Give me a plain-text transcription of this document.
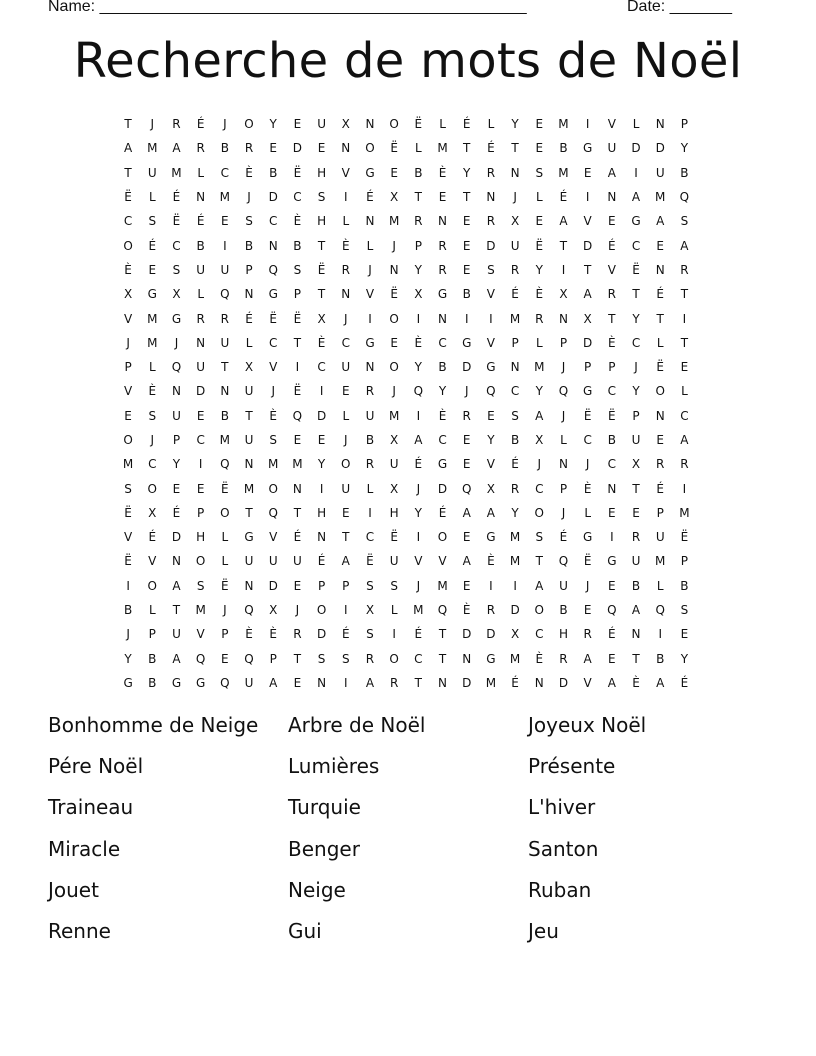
Name: ________________________________________________	Date: _______
Recherche de mots de Noël
T	J	R	É	J	O	Y	E	U	X	N	O	Ë	L	É	L	Y	E	M	I	V	L	N	P
A	M	A	R	B	R	E	D	E	N	O	Ë	L	M	T	É	T	E	B	G	U	D	D	Y
T	U	M	L	C	È	B	Ë	H	V	G	E	B	È	Y	R	N	S	M	E	A	I	U	B
Ë	L	É	N	M	J	D	C	S	I	É	X	T	E	T	N	J	L	É	I	N	A	M	Q
C	S	Ë	É	E	S	C	È	H	L	N	M	R	N	E	R	X	E	A	V	E	G	A	S
O	É	C	B	I	B	N	B	T	È	L	J	P	R	E	D	U	Ë	T	D	É	C	E	A
È	E	S	U	U	P	Q	S	Ë	R	J	N	Y	R	E	S	R	Y	I	T	V	Ë	N	R
X	G	X	L	Q	N	G	P	T	N	V	Ë	X	G	B	V	É	È	X	A	R	T	É	T
V	M	G	R	R	É	Ë	Ë	X	J	I	O	I	N	I	I	M	R	N	X	T	Y	T	I
J	M	J	N	U	L	C	T	È	C	G	E	È	C	G	V	P	L	P	D	È	C	L	T
P	L	Q	U	T	X	V	I	C	U	N	O	Y	B	D	G	N	M	J	P	P	J	Ë	E
V	È	N	D	N	U	J	Ë	I	E	R	J	Q	Y	J	Q	C	Y	Q	G	C	Y	O	L
E	S	U	E	B	T	È	Q	D	L	U	M	I	È	R	E	S	A	J	Ë	Ë	P	N	C
O	J	P	C	M	U	S	E	E	J	B	X	A	C	E	Y	B	X	L	C	B	U	E	A
M	C	Y	I	Q	N	M	M	Y	O	R	U	É	G	E	V	É	J	N	J	C	X	R	R
S	O	E	E	Ë	M	O	N	I	U	L	X	J	D	Q	X	R	C	P	È	N	T	É	I
Ë	X	É	P	O	T	Q	T	H	E	I	H	Y	É	A	A	Y	O	J	L	E	E	P	M
V	É	D	H	L	G	V	É	N	T	C	Ë	I	O	E	G	M	S	É	G	I	R	U	Ë
Ë	V	N	O	L	U	U	U	É	A	Ë	U	V	V	A	È	M	T	Q	Ë	G	U	M	P
I	O	A	S	Ë	N	D	E	P	P	S	S	J	M	E	I	I	A	U	J	E	B	L	B
B	L	T	M	J	Q	X	J	O	I	X	L	M	Q	È	R	D	O	B	E	Q	A	Q	S
J	P	U	V	P	È	È	R	D	É	S	I	É	T	D	D	X	C	H	R	É	N	I	E
Y	B	A	Q	E	Q	P	T	S	S	R	O	C	T	N	G	M	È	R	A	E	T	B	Y
G	B	G	G	Q	U	A	E	N	I	A	R	T	N	D	M	É	N	D	V	A	È	A	É
Bonhomme de Neige	Arbre de Noël	Joyeux Noël
Pére Noël	Lumières	Présente
Traineau	Turquie	L'hiver
Miracle	Benger	Santon
Jouet	Neige	Ruban
Renne	Gui	Jeu
